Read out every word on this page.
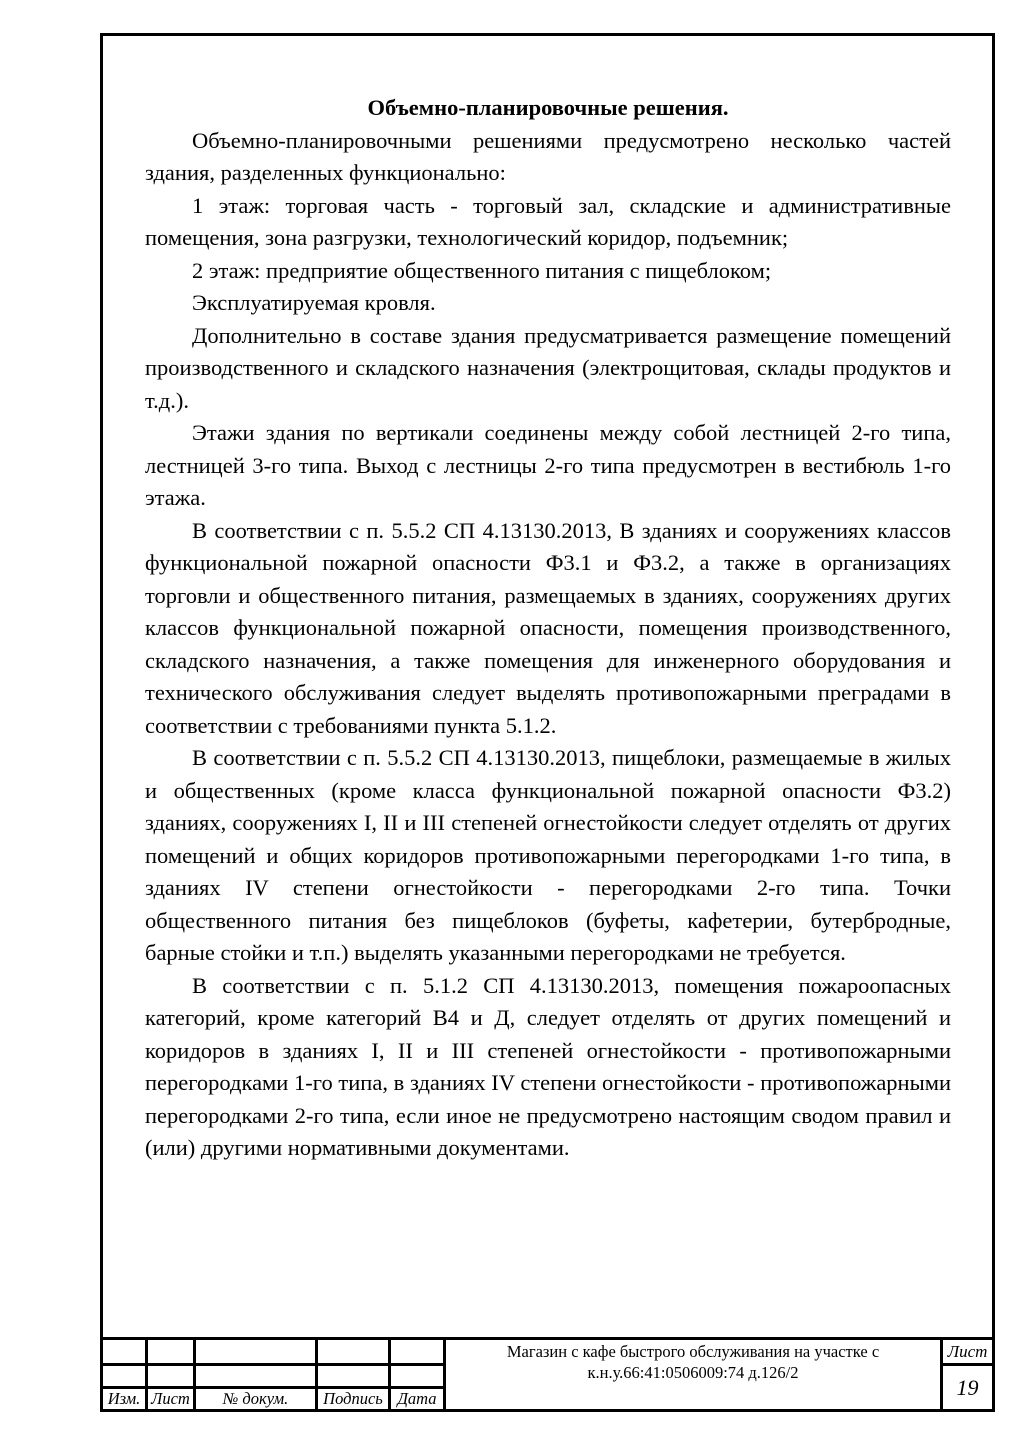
Объемно-планировочные решения.

Объемно-планировочными решениями предусмотрено несколько частей здания, разделенных функционально:

1 этаж: торговая часть - торговый зал, складские и административные помещения, зона разгрузки, технологический коридор, подъемник;

2 этаж: предприятие общественного питания с пищеблоком;

Эксплуатируемая кровля.

Дополнительно в составе здания предусматривается размещение помещений производственного и складского назначения (электрощитовая, склады продуктов и т.д.).

Этажи здания по вертикали соединены между собой лестницей 2-го типа, лестницей 3-го типа. Выход с лестницы 2-го типа предусмотрен в вестибюль 1-го этажа.

В соответствии с п. 5.5.2 СП 4.13130.2013, В зданиях и сооружениях классов функциональной пожарной опасности Ф3.1 и Ф3.2, а также в организациях торговли и общественного питания, размещаемых в зданиях, сооружениях других классов функциональной пожарной опасности, помещения производственного, складского назначения, а также помещения для инженерного оборудования и технического обслуживания следует выделять противопожарными преградами в соответствии с требованиями пункта 5.1.2.

В соответствии с п. 5.5.2 СП 4.13130.2013, пищеблоки, размещаемые в жилых и общественных (кроме класса функциональной пожарной опасности Ф3.2) зданиях, сооружениях I, II и III степеней огнестойкости следует отделять от других помещений и общих коридоров противопожарными перегородками 1-го типа, в зданиях IV степени огнестойкости - перегородками 2-го типа. Точки общественного питания без пищеблоков (буфеты, кафетерии, бутербродные, барные стойки и т.п.) выделять указанными перегородками не требуется.

В соответствии с п. 5.1.2 СП 4.13130.2013, помещения пожароопасных категорий, кроме категорий В4 и Д, следует отделять от других помещений и коридоров в зданиях I, II и III степеней огнестойкости - противопожарными перегородками 1-го типа, в зданиях IV степени огнестойкости - противопожарными перегородками 2-го типа, если иное не предусмотрено настоящим сводом правил и (или) другими нормативными документами.

Изм. Лист	№ докум.	Подпись Дата
Магазин с кафе быстрого обслуживания на участке с к.н.у.66:41:0506009:74 д.126/2
Лист
19
